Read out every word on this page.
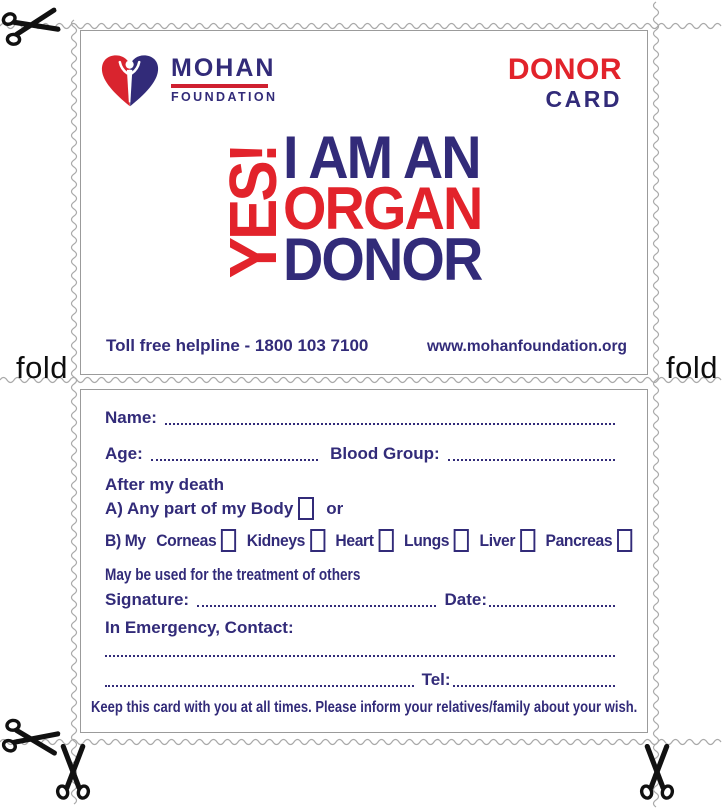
fold	fold
MOHAN
FOUNDATION
DONOR
CARD
YES!
I AM AN
ORGAN
DONOR
Toll free helpline - 1800 103 7100	www.mohanfoundation.org
Name:
Age:	Blood Group:
After my death
A) Any part of my Body or
B) My Corneas Kidneys Heart Lungs Liver Pancreas
May be used for the treatment of others
Signature:	Date:
In Emergency, Contact:
Tel:
Keep this card with you at all times. Please inform your relatives/family about your wish.
